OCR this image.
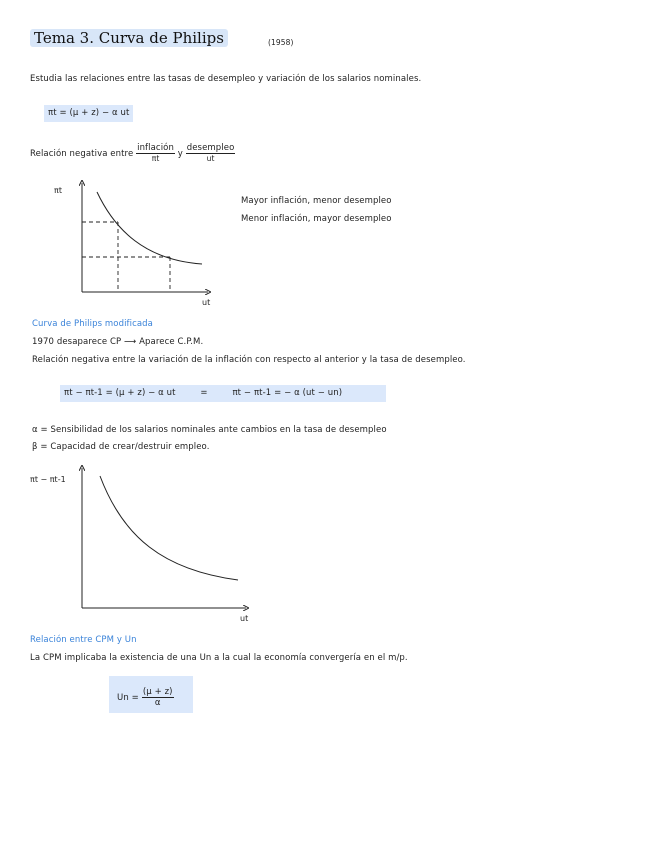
Tema 3. Curva de Philips	(1958)
Estudia las relaciones entre las tasas de desempleo y variación de los salarios nominales.
πt = (μ + z) − α ut
Relación negativa entre $\frac{\text{inflación}}{\pi t}$ y $\frac{\text{desempleo}}{ut}$
πt
ut
Mayor inflación, menor desempleo
Menor inflación, mayor desempleo
Curva de Philips modificada
1970 desaparece CP ⟶ Aparece C.P.M.
Relación negativa entre la variación de la inflación con respecto al anterior y la tasa de desempleo.
πt − πt-1 = (μ + z) − α ut	=	πt − πt-1 = − α (ut − un)
α = Sensibilidad de los salarios nominales ante cambios en la tasa de desempleo
β = Capacidad de crear/destruir empleo.
πt − πt-1
ut
Relación entre CPM y Un
La CPM implicaba la existencia de una Un a la cual la economía convergería en el m/p.
$Un = \frac{(\mu + z)}{\alpha}$
